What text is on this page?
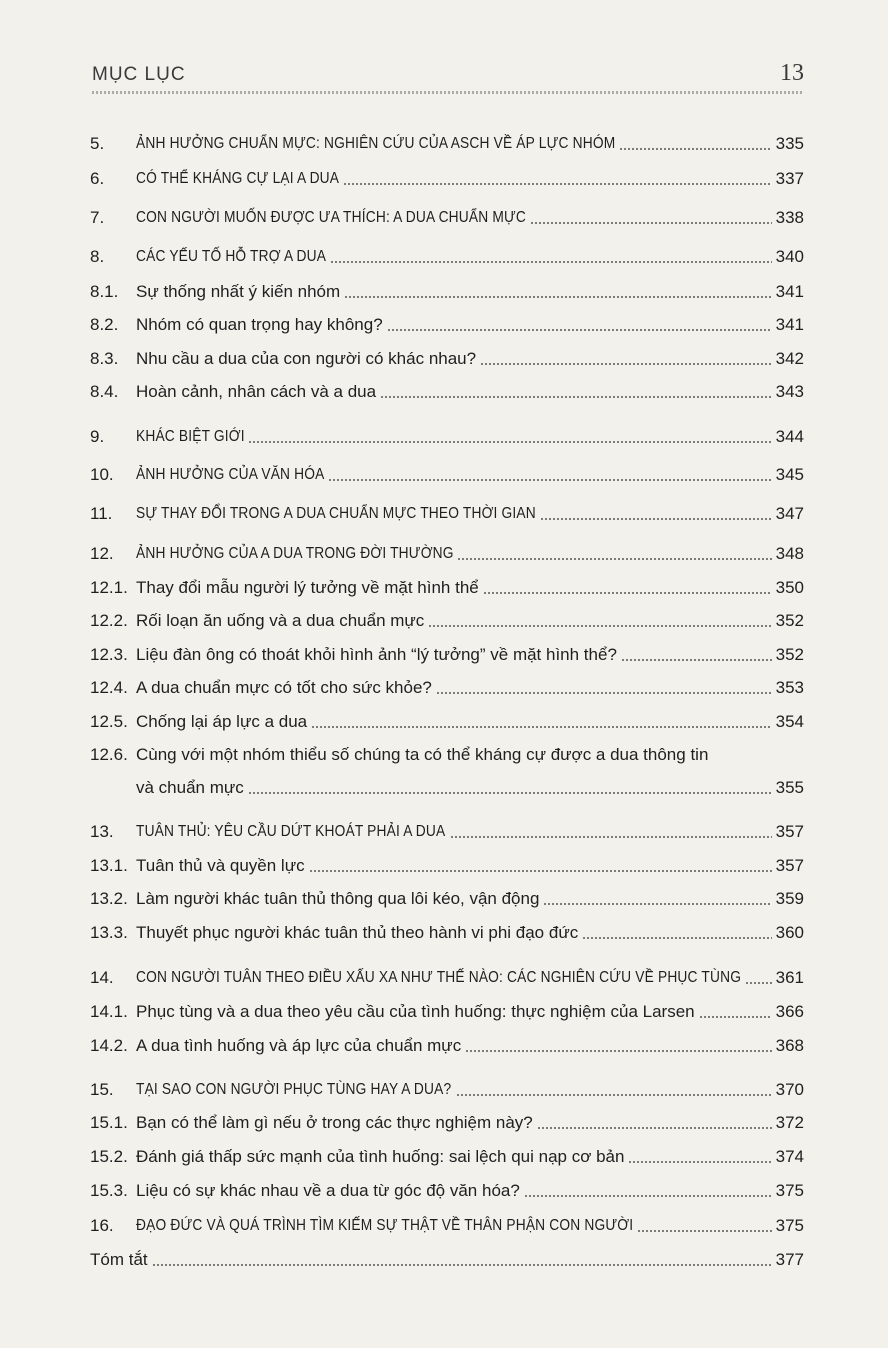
MỤC LỤC	13
5.	ẢNH HƯỞNG CHUẨN MỰC: NGHIÊN CỨU CỦA ASCH VỀ ÁP LỰC NHÓM	335
6.	CÓ THỂ KHÁNG CỰ LẠI A DUA	337
7.	CON NGƯỜI MUỐN ĐƯỢC ƯA THÍCH: A DUA CHUẨN MỰC	338
8.	CÁC YẾU TỐ HỖ TRỢ A DUA	340
8.1.	Sự thống nhất ý kiến nhóm	341
8.2.	Nhóm có quan trọng hay không?	341
8.3.	Nhu cầu a dua của con người có khác nhau?	342
8.4.	Hoàn cảnh, nhân cách và a dua	343
9.	KHÁC BIỆT GIỚI	344
10.	ẢNH HƯỞNG CỦA VĂN HÓA	345
11.	SỰ THAY ĐỔI TRONG A DUA CHUẨN MỰC THEO THỜI GIAN	347
12.	ẢNH HƯỞNG CỦA A DUA TRONG ĐỜI THƯỜNG	348
12.1. Thay đổi mẫu người lý tưởng về mặt hình thể	350
12.2. Rối loạn ăn uống và a dua chuẩn mực	352
12.3. Liệu đàn ông có thoát khỏi hình ảnh “lý tưởng” về mặt hình thể?	352
12.4. A dua chuẩn mực có tốt cho sức khỏe?	353
12.5. Chống lại áp lực a dua	354
12.6. Cùng với một nhóm thiểu số chúng ta có thể kháng cự được a dua thông tin
và chuẩn mực	355
13.	TUÂN THỦ: YÊU CẦU DỨT KHOÁT PHẢI A DUA	357
13.1. Tuân thủ và quyền lực	357
13.2. Làm người khác tuân thủ thông qua lôi kéo, vận động	359
13.3. Thuyết phục người khác tuân thủ theo hành vi phi đạo đức	360
14.	CON NGƯỜI TUÂN THEO ĐIỀU XẤU XA NHƯ THẾ NÀO: CÁC NGHIÊN CỨU VỀ PHỤC TÙNG 361
14.1. Phục tùng và a dua theo yêu cầu của tình huống: thực nghiệm của Larsen	366
14.2. A dua tình huống và áp lực của chuẩn mực	368
15.	TẠI SAO CON NGƯỜI PHỤC TÙNG HAY A DUA?	370
15.1. Bạn có thể làm gì nếu ở trong các thực nghiệm này?	372
15.2. Đánh giá thấp sức mạnh của tình huống: sai lệch qui nạp cơ bản	374
15.3. Liệu có sự khác nhau về a dua từ góc độ văn hóa?	375
16.	ĐẠO ĐỨC VÀ QUÁ TRÌNH TÌM KIẾM SỰ THẬT VỀ THÂN PHẬN CON NGƯỜI	375
Tóm tắt	377
